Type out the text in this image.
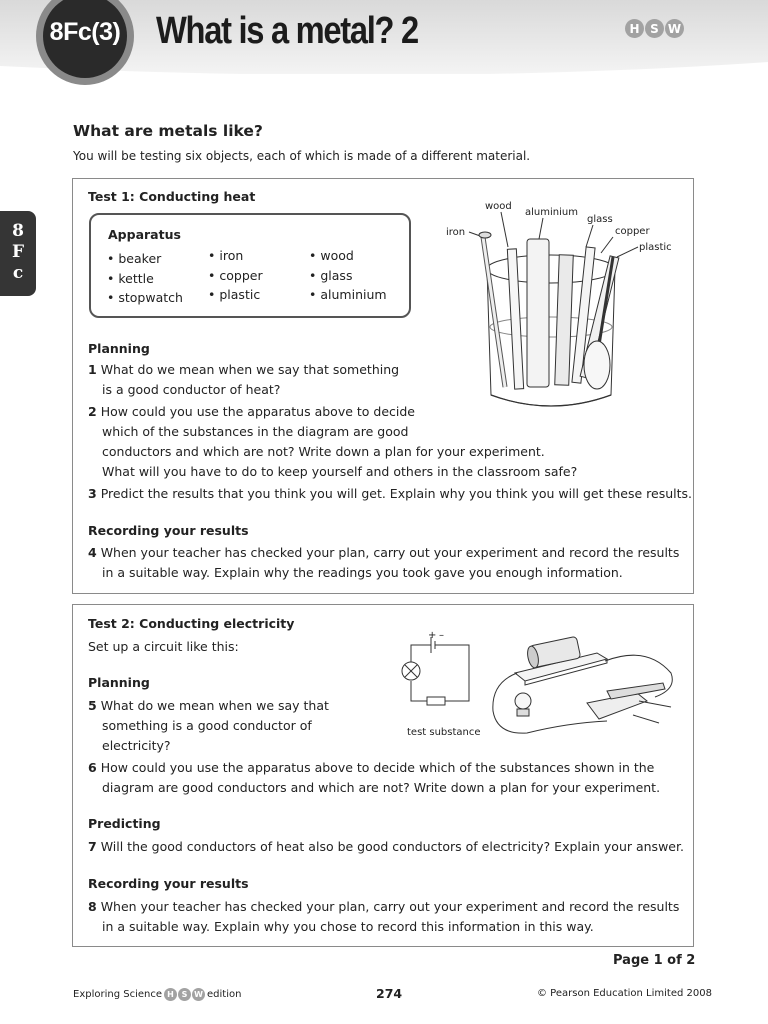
8Fc(3) What is a metal? 2	H S W
8
F
c
What are metals like?
You will be testing six objects, each of which is made of a different material.
Test 1: Conducting heat
Apparatus
• beaker
• kettle
• stopwatch
• iron
• copper
• plastic
• wood
• glass
• aluminium
wood
aluminium
glass
iron	copper
plastic
Planning
1 What do we mean when we say that something
is a good conductor of heat?
2 How could you use the apparatus above to decide
which of the substances in the diagram are good
conductors and which are not? Write down a plan for your experiment.
What will you have to do to keep yourself and others in the classroom safe?
3 Predict the results that you think you will get. Explain why you think you will get these results.
Recording your results
4 When your teacher has checked your plan, carry out your experiment and record the results
in a suitable way. Explain why the readings you took gave you enough information.
Test 2: Conducting electricity
Set up a circuit like this:
+ –
test substance
Planning
5 What do we mean when we say that
something is a good conductor of
electricity?
6 How could you use the apparatus above to decide which of the substances shown in the
diagram are good conductors and which are not? Write down a plan for your experiment.
Predicting
7 Will the good conductors of heat also be good conductors of electricity? Explain your answer.
Recording your results
8 When your teacher has checked your plan, carry out your experiment and record the results
in a suitable way. Explain why you chose to record this information in this way.
Page 1 of 2
Exploring Science H S W edition	274	© Pearson Education Limited 2008
